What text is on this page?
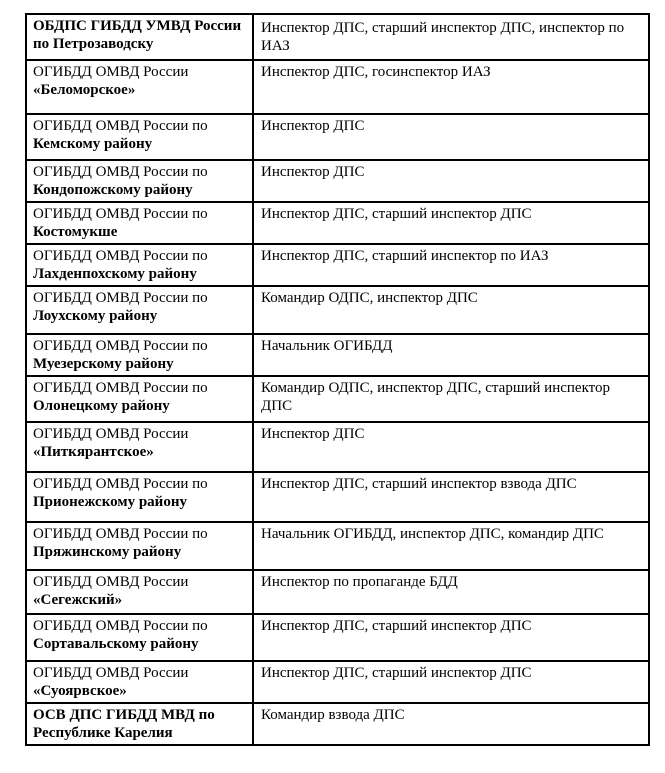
ОБДПС ГИБДД УМВД России
по Петрозаводску	Инспектор ДПС, старший инспектор ДПС, инспектор по ИАЗ
ОГИБДД ОМВД России
«Беломорское»	Инспектор ДПС, госинспектор ИАЗ
ОГИБДД ОМВД России по
Кемскому району	Инспектор ДПС
ОГИБДД ОМВД России по
Кондопожскому району	Инспектор ДПС
ОГИБДД ОМВД России по
Костомукше	Инспектор ДПС, старший инспектор ДПС
ОГИБДД ОМВД России по
Лахденпохскому району	Инспектор ДПС, старший инспектор по ИАЗ
ОГИБДД ОМВД России по
Лоухскому району	Командир ОДПС, инспектор ДПС
ОГИБДД ОМВД России по
Муезерскому району	Начальник ОГИБДД
ОГИБДД ОМВД России по
Олонецкому району	Командир ОДПС, инспектор ДПС, старший инспектор ДПС
ОГИБДД ОМВД России
«Питкярантское»	Инспектор ДПС
ОГИБДД ОМВД России по
Прионежскому району	Инспектор ДПС, старший инспектор взвода ДПС
ОГИБДД ОМВД России по
Пряжинскому району	Начальник ОГИБДД, инспектор ДПС, командир ДПС
ОГИБДД ОМВД России
«Сегежский»	Инспектор по пропаганде БДД
ОГИБДД ОМВД России по
Сортавальскому району	Инспектор ДПС, старший инспектор ДПС
ОГИБДД ОМВД России
«Суоярвское»	Инспектор ДПС, старший инспектор ДПС
ОСВ ДПС ГИБДД МВД по
Республике Карелия	Командир взвода ДПС
